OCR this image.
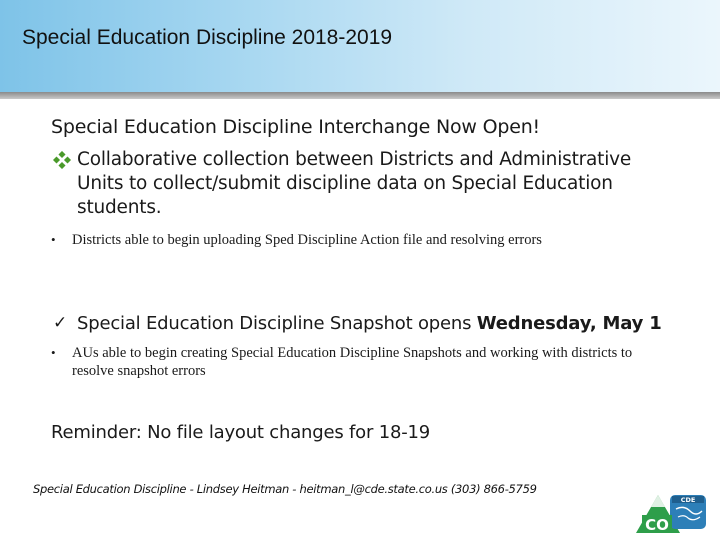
Special Education Discipline 2018-2019
Special Education Discipline Interchange Now Open!
Collaborative collection between Districts and Administrative
Units to collect/submit discipline data on Special Education
students.
•	Districts able to begin uploading Sped Discipline Action file and resolving errors
✓ Special Education Discipline Snapshot opens Wednesday, May 1
•	AUs able to begin creating Special Education Discipline Snapshots and working with districts to resolve snapshot errors
Reminder: No file layout changes for 18-19
Special Education Discipline - Lindsey Heitman - heitman_l@cde.state.co.us (303) 866-5759
CDE
CO
